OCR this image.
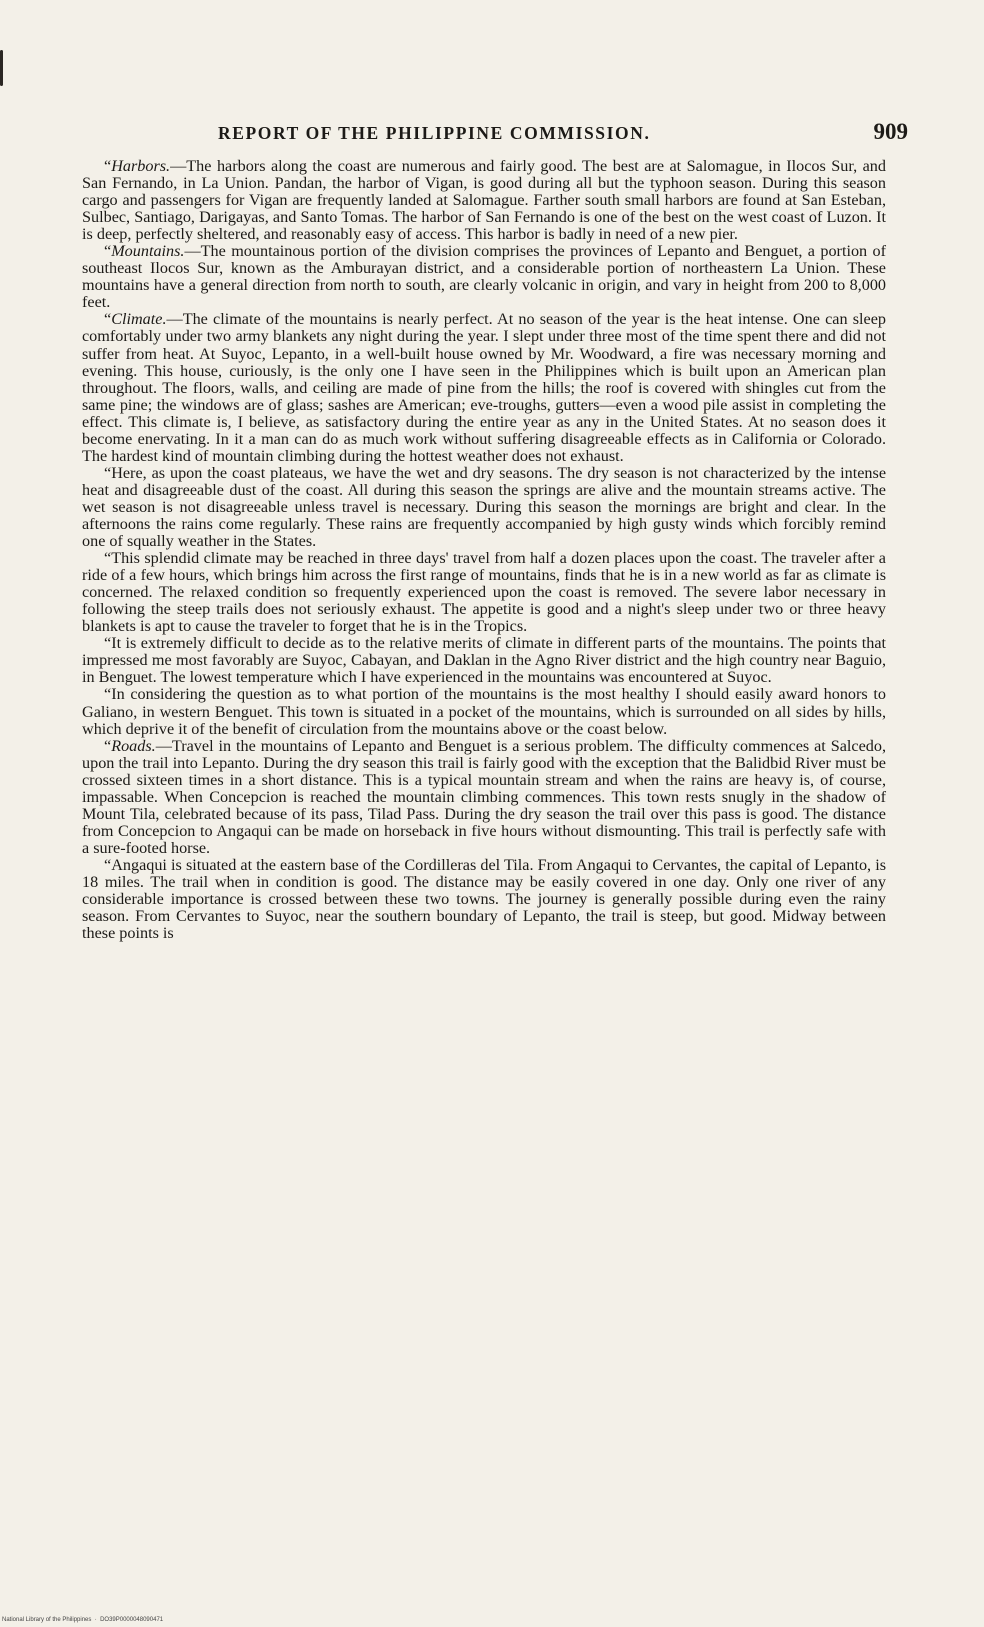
REPORT OF THE PHILIPPINE COMMISSION.	909

“Harbors.—The harbors along the coast are numerous and fairly good. The best are at Salomague, in Ilocos Sur, and San Fernando, in La Union. Pandan, the harbor of Vigan, is good during all but the typhoon season. During this season cargo and passengers for Vigan are frequently landed at Salomague. Farther south small harbors are found at San Esteban, Sulbec, Santiago, Darigayas, and Santo Tomas. The harbor of San Fernando is one of the best on the west coast of Luzon. It is deep, perfectly sheltered, and reasonably easy of access. This harbor is badly in need of a new pier.

“Mountains.—The mountainous portion of the division comprises the provinces of Lepanto and Benguet, a portion of southeast Ilocos Sur, known as the Amburayan district, and a considerable portion of northeastern La Union. These mountains have a general direction from north to south, are clearly volcanic in origin, and vary in height from 200 to 8,000 feet.

“Climate.—The climate of the mountains is nearly perfect. At no season of the year is the heat intense. One can sleep comfortably under two army blankets any night during the year. I slept under three most of the time spent there and did not suffer from heat. At Suyoc, Lepanto, in a well-built house owned by Mr. Woodward, a fire was necessary morning and evening. This house, curiously, is the only one I have seen in the Philippines which is built upon an American plan throughout. The floors, walls, and ceiling are made of pine from the hills; the roof is covered with shingles cut from the same pine; the windows are of glass; sashes are American; eve-troughs, gutters—even a wood pile assist in completing the effect. This climate is, I believe, as satisfactory during the entire year as any in the United States. At no season does it become enervating. In it a man can do as much work without suffering disagreeable effects as in California or Colorado. The hardest kind of mountain climbing during the hottest weather does not exhaust.

“Here, as upon the coast plateaus, we have the wet and dry seasons. The dry season is not characterized by the intense heat and disagreeable dust of the coast. All during this season the springs are alive and the mountain streams active. The wet season is not disagreeable unless travel is necessary. During this season the mornings are bright and clear. In the afternoons the rains come regularly. These rains are frequently accompanied by high gusty winds which forcibly remind one of squally weather in the States.

“This splendid climate may be reached in three days' travel from half a dozen places upon the coast. The traveler after a ride of a few hours, which brings him across the first range of mountains, finds that he is in a new world as far as climate is concerned. The relaxed condition so frequently experienced upon the coast is removed. The severe labor necessary in following the steep trails does not seriously exhaust. The appetite is good and a night's sleep under two or three heavy blankets is apt to cause the traveler to forget that he is in the Tropics.

“It is extremely difficult to decide as to the relative merits of climate in different parts of the mountains. The points that impressed me most favorably are Suyoc, Cabayan, and Daklan in the Agno River district and the high country near Baguio, in Benguet. The lowest temperature which I have experienced in the mountains was encountered at Suyoc.

“In considering the question as to what portion of the mountains is the most healthy I should easily award honors to Galiano, in western Benguet. This town is situated in a pocket of the mountains, which is surrounded on all sides by hills, which deprive it of the benefit of circulation from the mountains above or the coast below.

“Roads.—Travel in the mountains of Lepanto and Benguet is a serious problem. The difficulty commences at Salcedo, upon the trail into Lepanto. During the dry season this trail is fairly good with the exception that the Balidbid River must be crossed sixteen times in a short distance. This is a typical mountain stream and when the rains are heavy is, of course, impassable. When Concepcion is reached the mountain climbing commences. This town rests snugly in the shadow of Mount Tila, celebrated because of its pass, Tilad Pass. During the dry season the trail over this pass is good. The distance from Concepcion to Angaqui can be made on horseback in five hours without dismounting. This trail is perfectly safe with a sure-footed horse.

“Angaqui is situated at the eastern base of the Cordilleras del Tila. From Angaqui to Cervantes, the capital of Lepanto, is 18 miles. The trail when in condition is good. The distance may be easily covered in one day. Only one river of any considerable importance is crossed between these two towns. The journey is generally possible during even the rainy season. From Cervantes to Suyoc, near the southern boundary of Lepanto, the trail is steep, but good. Midway between these points is

National Library of the Philippines  ·  DO39P0000048090471
